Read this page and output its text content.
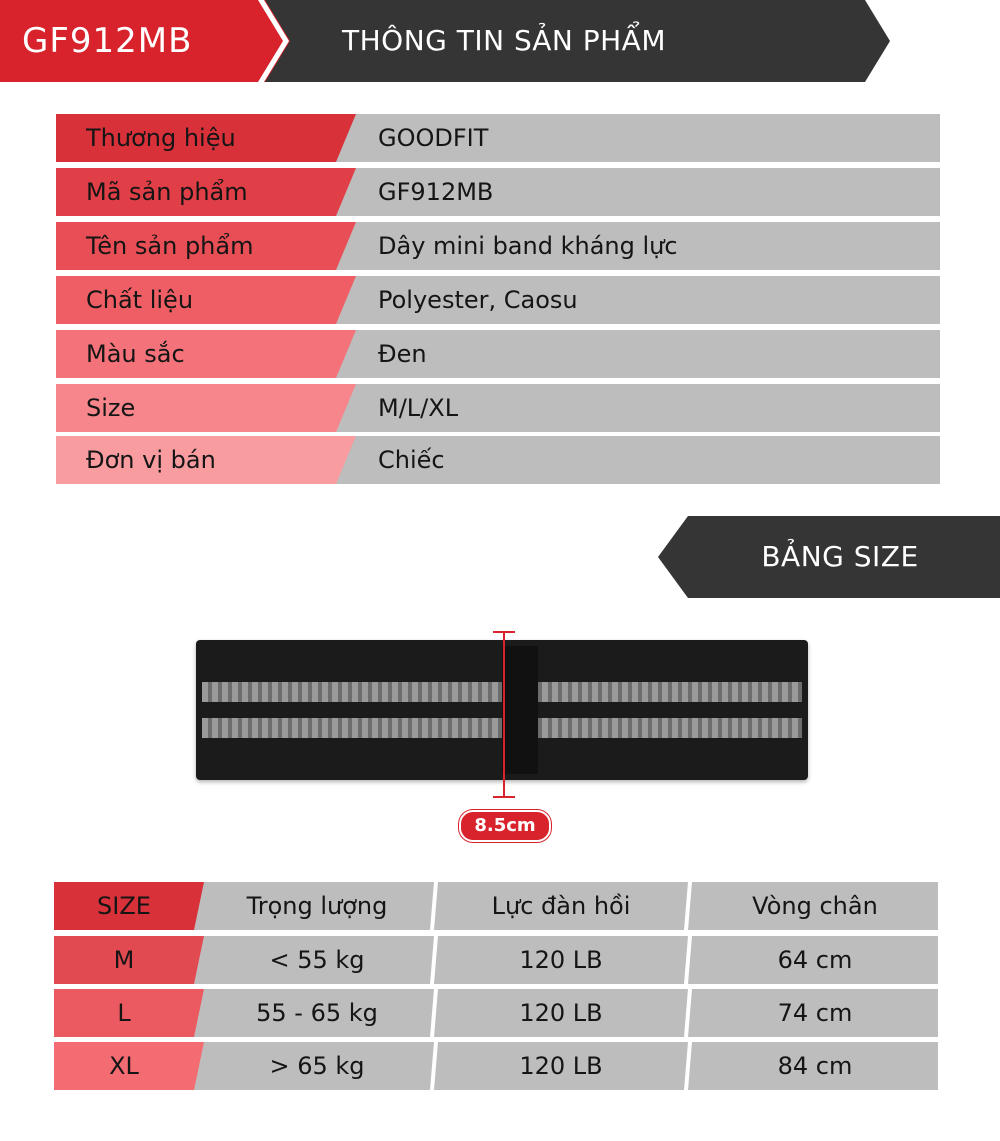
GF912MB	THÔNG TIN SẢN PHẨM
Thương hiệu	GOODFIT
Mã sản phẩm	GF912MB
Tên sản phẩm	Dây mini band kháng lực
Chất liệu	Polyester, Caosu
Màu sắc	Đen
Size	M/L/XL
Đơn vị bán	Chiếc
BẢNG SIZE
8.5cm
SIZE	Trọng lượng	Lực đàn hồi	Vòng chân
M	< 55 kg	120 LB	64 cm
L	55 - 65 kg	120 LB	74 cm
XL	> 65 kg	120 LB	84 cm
